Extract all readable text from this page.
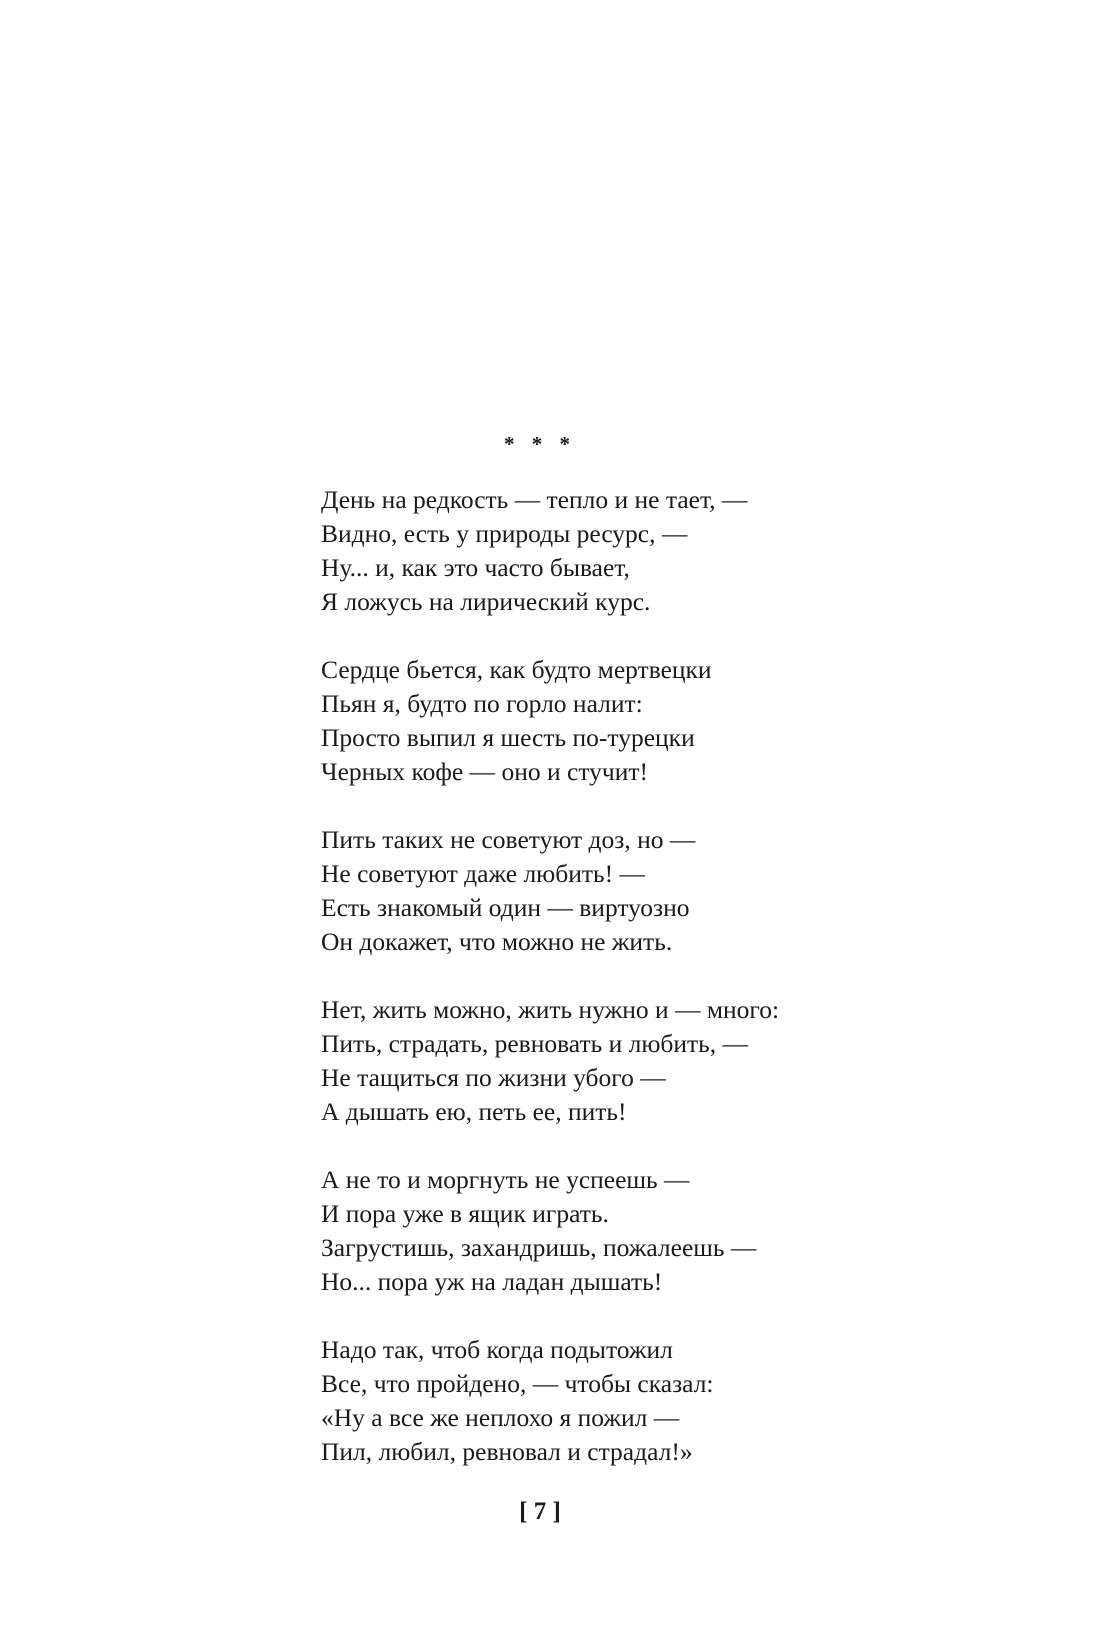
* * *
День на редкость — тепло и не тает, —
Видно, есть у природы ресурс, —
Ну... и, как это часто бывает,
Я ложусь на лирический курс.
Сердце бьется, как будто мертвецки
Пьян я, будто по горло налит:
Просто выпил я шесть по-турецки
Черных кофе — оно и стучит!
Пить таких не советуют доз, но —
Не советуют даже любить! —
Есть знакомый один — виртуозно
Он докажет, что можно не жить.
Нет, жить можно, жить нужно и — много:
Пить, страдать, ревновать и любить, —
Не тащиться по жизни убого —
А дышать ею, петь ее, пить!
А не то и моргнуть не успеешь —
И пора уже в ящик играть.
Загрустишь, захандришь, пожалеешь —
Но... пора уж на ладан дышать!
Надо так, чтоб когда подытожил
Все, что пройдено, — чтобы сказал:
«Ну а все же неплохо я пожил —
Пил, любил, ревновал и страдал!»
[ 7 ]
